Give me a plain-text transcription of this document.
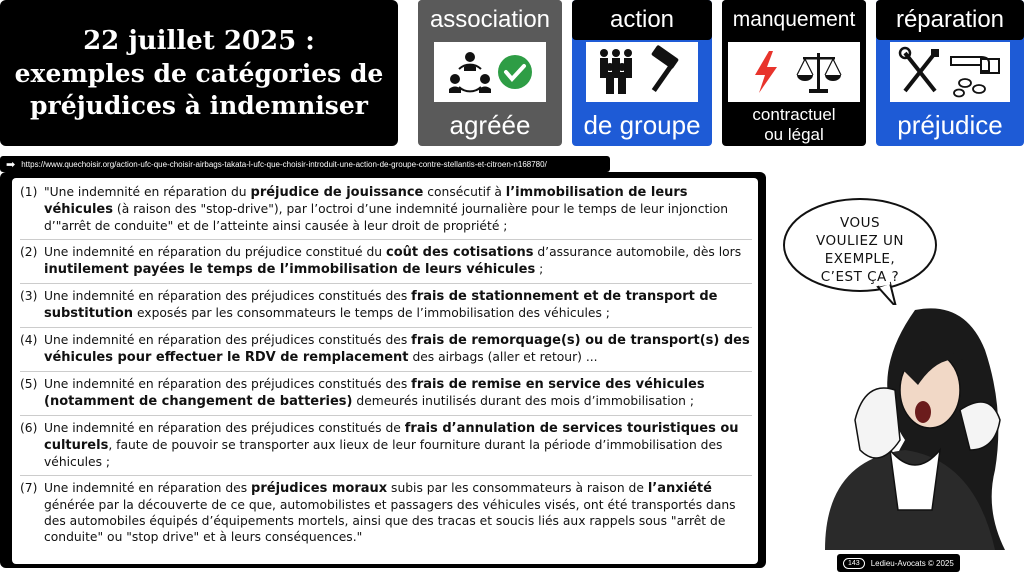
22 juillet 2025 :
exemples de catégories de
préjudices à indemniser
association
agréée
action
de groupe
manquement
contractuel
ou légal
réparation
préjudice
➡ https://www.quechoisir.org/action-ufc-que-choisir-airbags-takata-l-ufc-que-choisir-introduit-une-action-de-groupe-contre-stellantis-et-citroen-n168780/
(1) "Une indemnité en réparation du préjudice de jouissance consécutif à l’immobilisation de leurs véhicules (à raison des "stop-drive"), par l’octroi d’une indemnité journalière pour le temps de leur injonction d’"arrêt de conduite" et de l’atteinte ainsi causée à leur droit de propriété ;
(2) Une indemnité en réparation du préjudice constitué du coût des cotisations d’assurance automobile, dès lors inutilement payées le temps de l’immobilisation de leurs véhicules ;
(3) Une indemnité en réparation des préjudices constitués des frais de stationnement et de transport de substitution exposés par les consommateurs le temps de l’immobilisation des véhicules ;
(4) Une indemnité en réparation des préjudices constitués des frais de remorquage(s) ou de transport(s) des véhicules pour effectuer le RDV de remplacement des airbags (aller et retour) ...
(5) Une indemnité en réparation des préjudices constitués des frais de remise en service des véhicules (notamment de changement de batteries) demeurés inutilisés durant des mois d’immobilisation ;
(6) Une indemnité en réparation des préjudices constitués de frais d’annulation de services touristiques ou culturels, faute de pouvoir se transporter aux lieux de leur fourniture durant la période d’immobilisation des véhicules ;
(7) Une indemnité en réparation des préjudices moraux subis par les consommateurs à raison de l’anxiété générée par la découverte de ce que, automobilistes et passagers des véhicules visés, ont été transportés dans des automobiles équipés d’équipements mortels, ainsi que des tracas et soucis liés aux rappels sous "arrêt de conduite" ou "stop drive" et à leurs conséquences."
VOUS
VOULIEZ UN
EXEMPLE,
C’EST ÇA ?
143	Ledieu-Avocats © 2025
